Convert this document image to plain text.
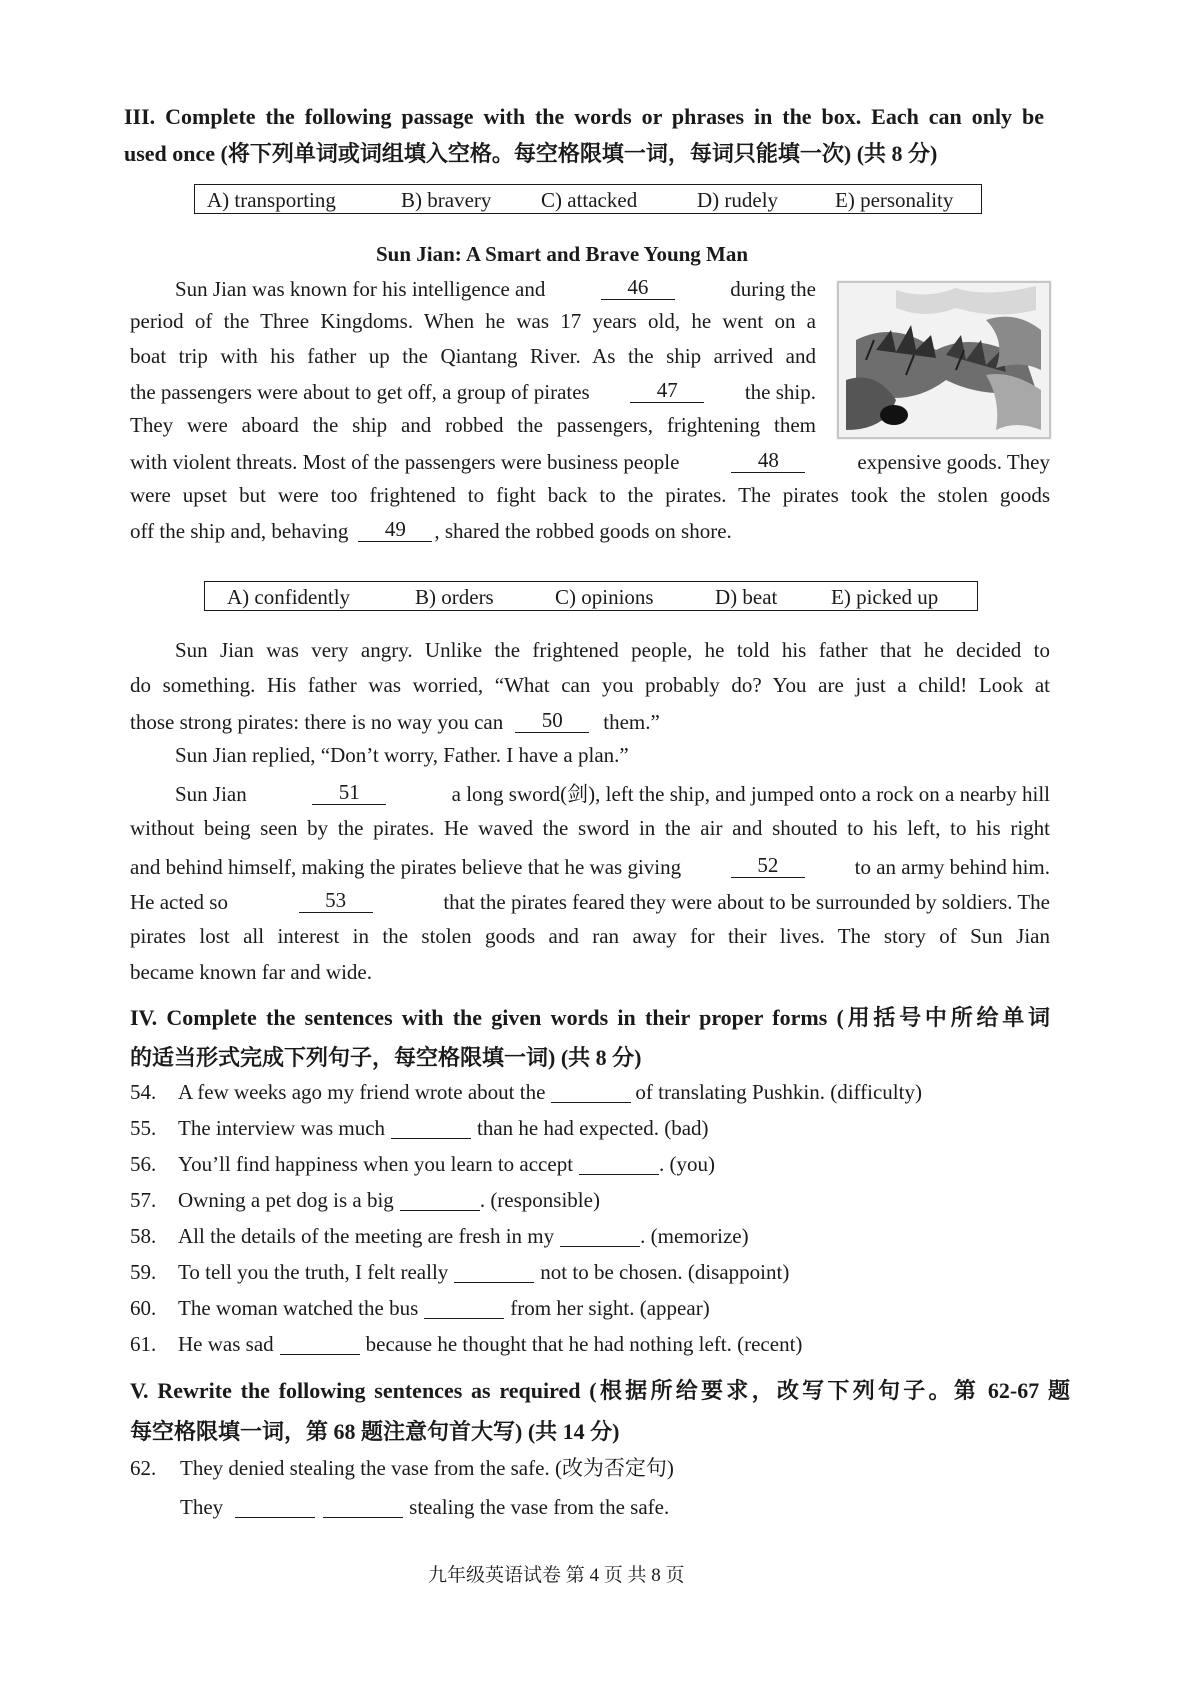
III. Complete the following passage with the words or phrases in the box. Each can only be
used once (将下列单词或词组填入空格。每空格限填一词，每词只能填一次) (共 8 分)
A) transporting	B) bravery C) attacked	D) rudely	E) personality
Sun Jian: A Smart and Brave Young Man
Sun Jian was known for his intelligence and	46	during the
period of the Three Kingdoms. When he was 17 years old, he went on a
boat trip with his father up the Qiantang River. As the ship arrived and
the passengers were about to get off, a group of pirates	47	the ship.
They were aboard the ship and robbed the passengers, frightening them
with violent threats. Most of the passengers were business people	48	expensive goods. They
were upset but were too frightened to fight back to the pirates. The pirates took the stolen goods
off the ship and, behaving	49	, shared the robbed goods on shore.
A) confidently	B) orders	C) opinions	D) beat	E) picked up
Sun Jian was very angry. Unlike the frightened people, he told his father that he decided to
do something. His father was worried, “What can you probably do? You are just a child! Look at
those strong pirates: there is no way you can	50	them.”
Sun Jian replied, “Don’t worry, Father. I have a plan.”
Sun Jian	51	a long sword(剑), left the ship, and jumped onto a rock on a nearby hill
without being seen by the pirates. He waved the sword in the air and shouted to his left, to his right
and behind himself, making the pirates believe that he was giving	52	to an army behind him.
He acted so	53	that the pirates feared they were about to be surrounded by soldiers. The
pirates lost all interest in the stolen goods and ran away for their lives. The story of Sun Jian
became known far and wide.
IV. Complete the sentences with the given words in their proper forms (用括号中所给单词
的适当形式完成下列句子，每空格限填一词) (共 8 分)
54.	A few weeks ago my friend wrote about the	of translating Pushkin. (difficulty)
55.	The interview was much	than he had expected. (bad)
56.	You’ll find happiness when you learn to accept	. (you)
57.	Owning a pet dog is a big	. (responsible)
58.	All the details of the meeting are fresh in my	. (memorize)
59.	To tell you the truth, I felt really	not to be chosen. (disappoint)
60.	The woman watched the bus	from her sight. (appear)
61.	He was sad	because he thought that he had nothing left. (recent)
V. Rewrite the following sentences as required (根据所给要求，改写下列句子。第 62-67 题
每空格限填一词，第 68 题注意句首大写) (共 14 分)
62.	They denied stealing the vase from the safe. (改为否定句)
They	stealing the vase from the safe.
九年级英语试卷 第 4 页 共 8 页
